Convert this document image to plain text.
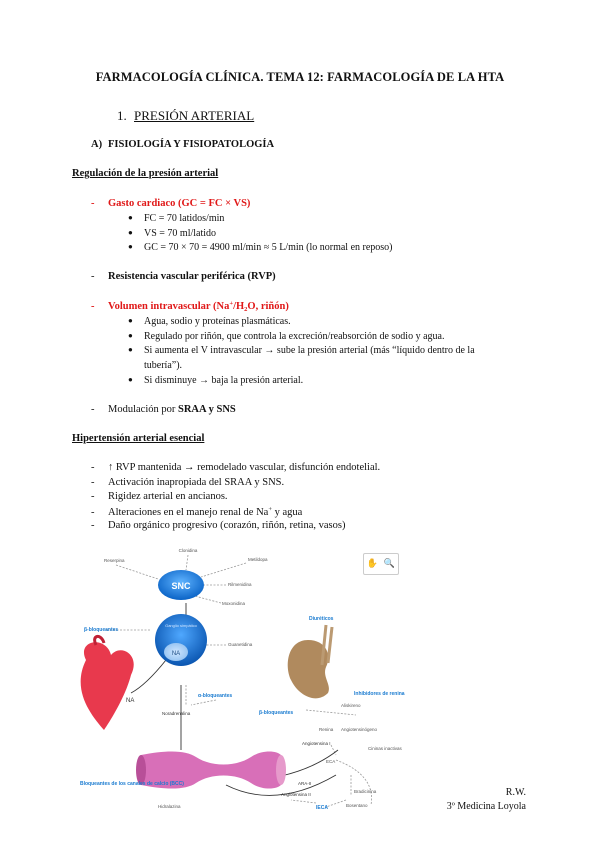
FARMACOLOGÍA CLÍNICA. TEMA 12: FARMACOLOGÍA DE LA HTA
1. PRESIÓN ARTERIAL
A) FISIOLOGÍA Y FISIOPATOLOGÍA
Regulación de la presión arterial
- Gasto cardiaco (GC = FC × VS)
● FC = 70 latidos/min
● VS = 70 ml/latido
● GC = 70 × 70 = 4900 ml/min ≈ 5 L/min (lo normal en reposo)
- Resistencia vascular periférica (RVP)
- Volumen intravascular (Na+/H2O, riñón)
● Agua, sodio y proteínas plasmáticas.
● Regulado por riñón, que controla la excreción/reabsorción de sodio y agua.
● Si aumenta el V intravascular → sube la presión arterial (más “líquido dentro de la
tubería”).
● Si disminuye → baja la presión arterial.
- Modulación por SRAA y SNS
Hipertensión arterial esencial
- ↑ RVP mantenida → remodelado vascular, disfunción endotelial.
- Activación inapropiada del SRAA y SNS.
- Rigidez arterial en ancianos.
- Alteraciones en el manejo renal de Na+ y agua
- Daño orgánico progresivo (corazón, riñón, retina, vasos)
SNC
Ganglio simpático
NA
NA
Clonidina
Metildopa
Reserpina
Rilmenidina
Moxonidina
Guanetidina
Noradrenalina
Hidralazina	Bosentano
Aliskireno
Renina Angiotensinógeno
Angiotensina I
ECA
Cininas inactivas
Bradicinina
ARA-II
Angiotensina II
β-bloqueantes
α-bloqueantes
β-bloqueantes
Diuréticos
Inhibidores de renina
Bloqueantes de los canales de calcio (BCC)
IECA
✋ 🔍
R.W.
3º Medicina Loyola
